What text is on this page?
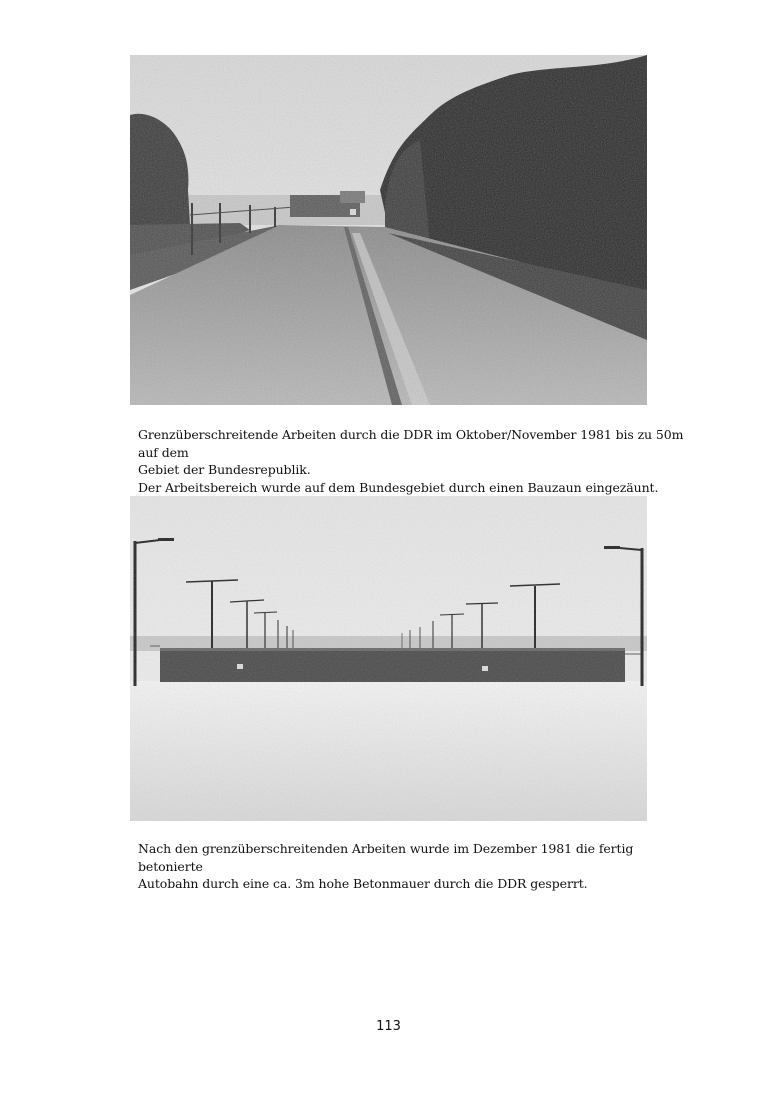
Grenzüberschreitende Arbeiten durch die DDR im Oktober/November 1981 bis zu 50m auf dem

Gebiet der Bundesrepublik.

Der Arbeitsbereich wurde auf dem Bundesgebiet durch einen Bauzaun eingezäunt.

Nach den grenzüberschreitenden Arbeiten wurde im Dezember 1981 die fertig betonierte

Autobahn durch eine ca. 3m hohe Betonmauer durch die DDR gesperrt.

113
